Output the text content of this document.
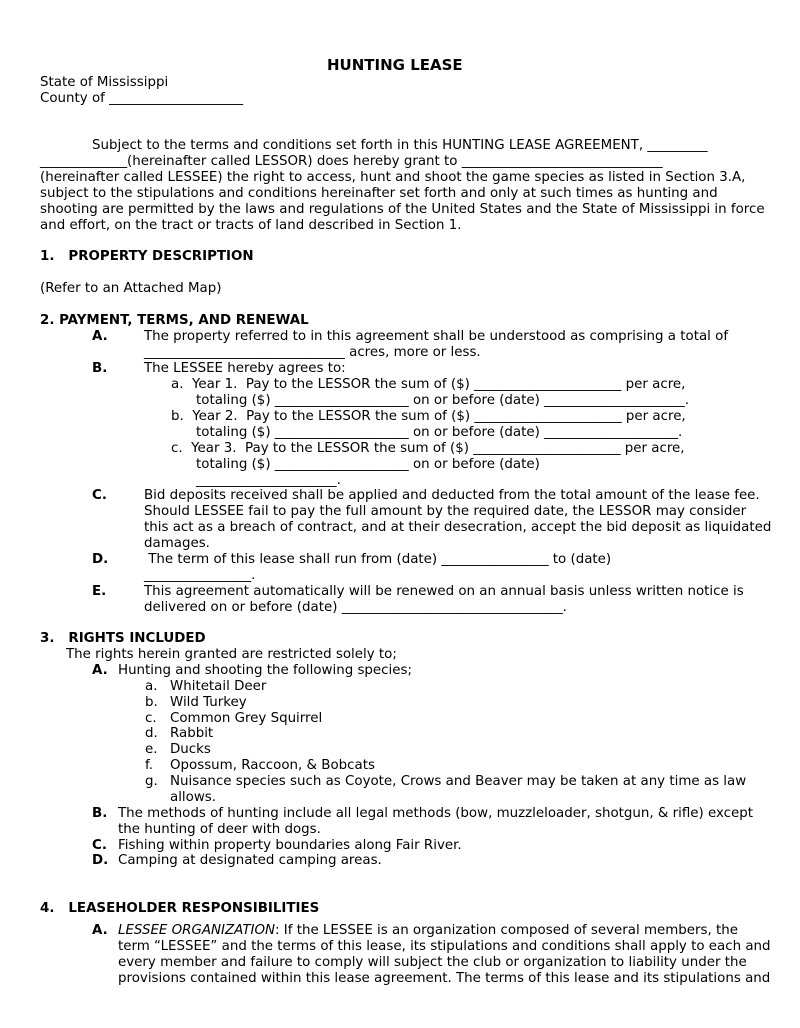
HUNTING LEASE
State of Mississippi
County of ____________________
Subject to the terms and conditions set forth in this HUNTING LEASE AGREEMENT, _________
_____________(hereinafter called LESSOR) does hereby grant to ______________________________
(hereinafter called LESSEE) the right to access, hunt and shoot the game species as listed in Section 3.A,
subject to the stipulations and conditions hereinafter set forth and only at such times as hunting and
shooting are permitted by the laws and regulations of the United States and the State of Mississippi in force
and effort, on the tract or tracts of land described in Section 1.
1.   PROPERTY DESCRIPTION
(Refer to an Attached Map)
2. PAYMENT, TERMS, AND RENEWAL
A.	The property referred to in this agreement shall be understood as comprising a total of
______________________________ acres, more or less.
B.	The LESSEE hereby agrees to:
a.  Year 1.  Pay to the LESSOR the sum of ($) ______________________ per acre,
totaling ($) ____________________ on or before (date) _____________________.
b.  Year 2.  Pay to the LESSOR the sum of ($) ______________________ per acre,
totaling ($) ____________________ on or before (date) ____________________.
c.  Year 3.  Pay to the LESSOR the sum of ($) ______________________ per acre,
totaling ($) ____________________ on or before (date)
_____________________.
C.	Bid deposits received shall be applied and deducted from the total amount of the lease fee.
Should LESSEE fail to pay the full amount by the required date, the LESSOR may consider
this act as a breach of contract, and at their desecration, accept the bid deposit as liquidated
damages.
D.	The term of this lease shall run from (date) ________________ to (date)
________________.
E.	This agreement automatically will be renewed on an annual basis unless written notice is
delivered on or before (date) _________________________________.
3.   RIGHTS INCLUDED
The rights herein granted are restricted solely to;
A. Hunting and shooting the following species;
a. Whitetail Deer
b. Wild Turkey
c. Common Grey Squirrel
d. Rabbit
e. Ducks
f. Opossum, Raccoon, & Bobcats
g. Nuisance species such as Coyote, Crows and Beaver may be taken at any time as law
allows.
B. The methods of hunting include all legal methods (bow, muzzleloader, shotgun, & rifle) except
the hunting of deer with dogs.
C. Fishing within property boundaries along Fair River.
D. Camping at designated camping areas.
4.   LEASEHOLDER RESPONSIBILITIES
A. LESSEE ORGANIZATION: If the LESSEE is an organization composed of several members, the
term “LESSEE” and the terms of this lease, its stipulations and conditions shall apply to each and
every member and failure to comply will subject the club or organization to liability under the
provisions contained within this lease agreement. The terms of this lease and its stipulations and
